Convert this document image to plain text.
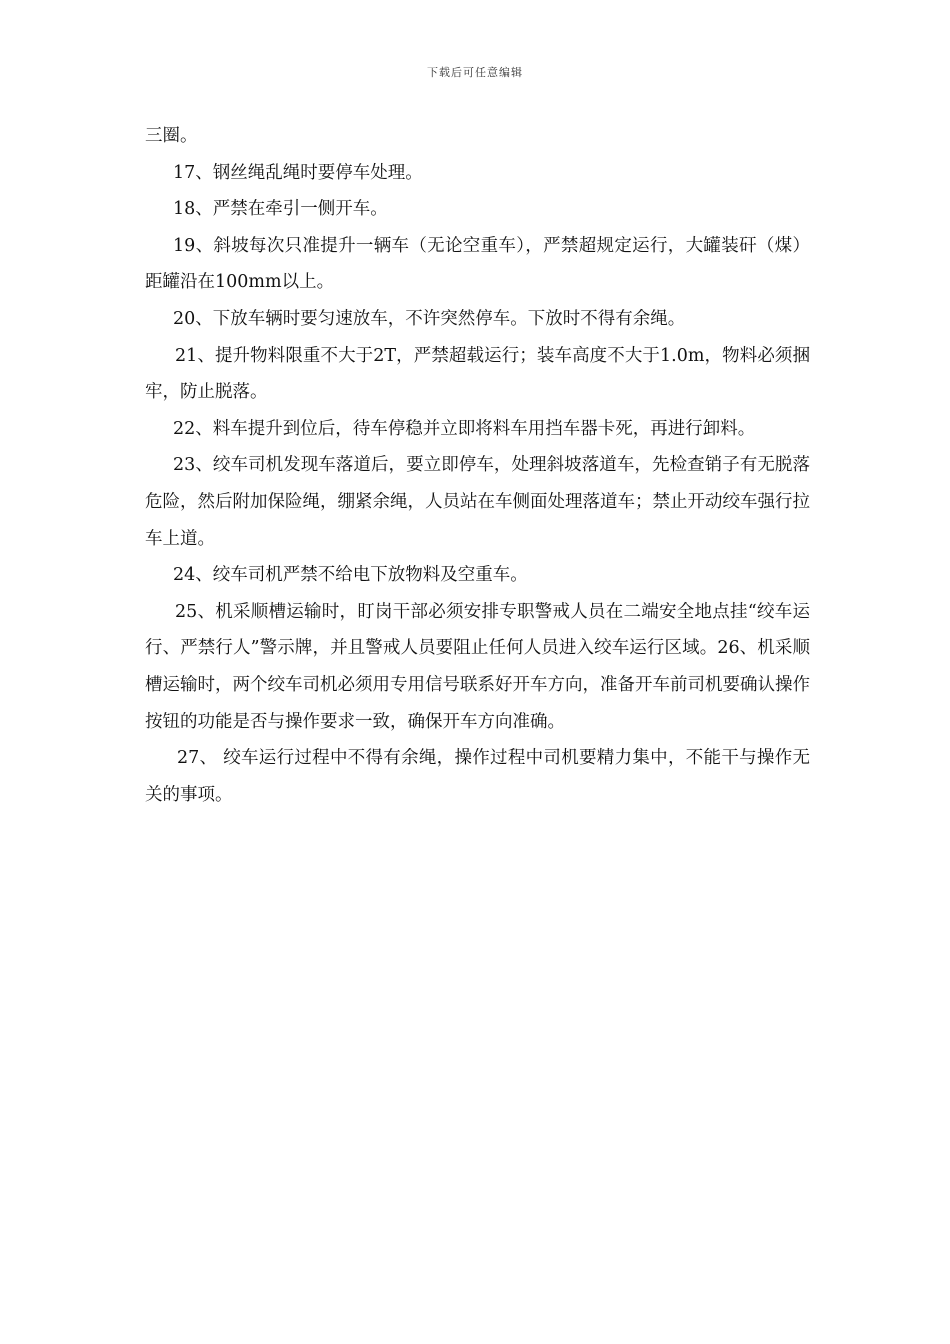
下载后可任意编辑

三圈。

17、钢丝绳乱绳时要停车处理。

18、严禁在牵引一侧开车。

19、斜坡每次只准提升一辆车（无论空重车），严禁超规定运行，大罐装矸（煤）距罐沿在100mm以上。

20、下放车辆时要匀速放车，不许突然停车。下放时不得有余绳。

21、提升物料限重不大于2T，严禁超载运行；装车高度不大于1.0m，物料必须捆牢，防止脱落。

22、料车提升到位后，待车停稳并立即将料车用挡车器卡死，再进行卸料。

23、绞车司机发现车落道后，要立即停车，处理斜坡落道车，先检查销子有无脱落危险，然后附加保险绳，绷紧余绳，人员站在车侧面处理落道车；禁止开动绞车强行拉车上道。

24、绞车司机严禁不给电下放物料及空重车。

25、机采顺槽运输时，盯岗干部必须安排专职警戒人员在二端安全地点挂“绞车运行、严禁行人”警示牌，并且警戒人员要阻止任何人员进入绞车运行区域。26、机采顺槽运输时，两个绞车司机必须用专用信号联系好开车方向，准备开车前司机要确认操作按钮的功能是否与操作要求一致，确保开车方向准确。

27、 绞车运行过程中不得有余绳，操作过程中司机要精力集中，不能干与操作无关的事项。
